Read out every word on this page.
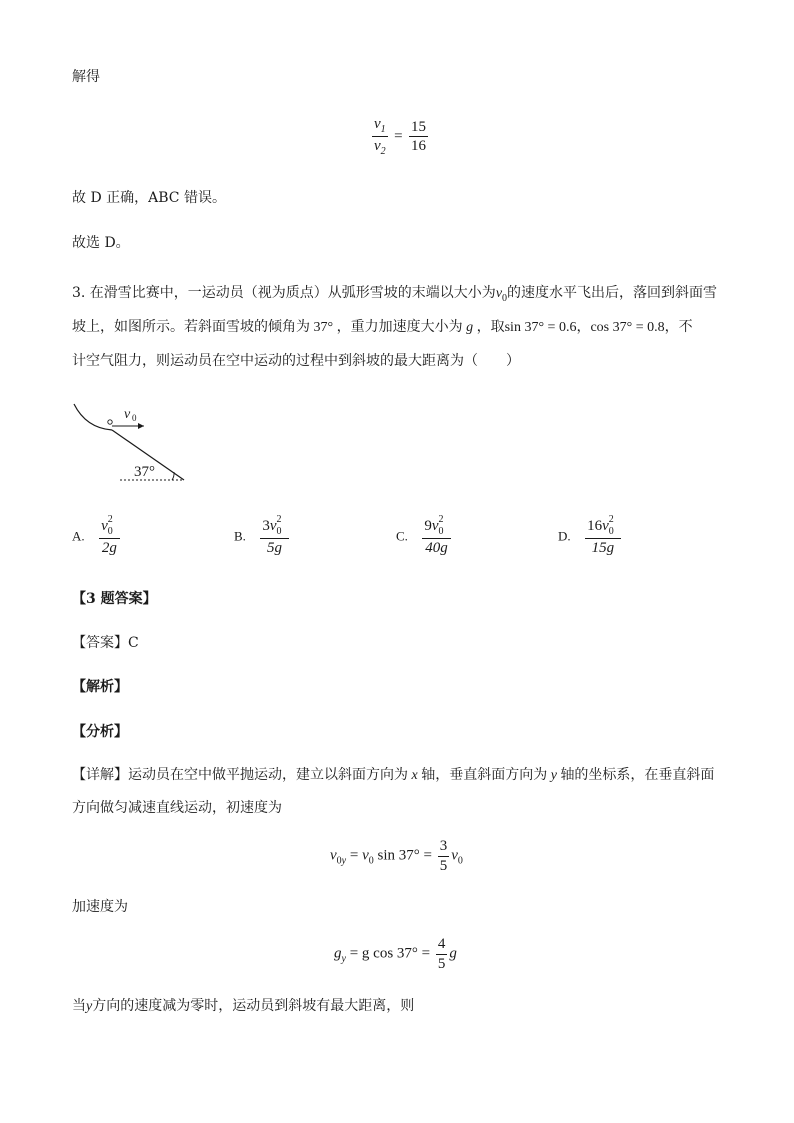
解得
$\frac{v_1}{v_2} = \frac{15}{16}$
故 D 正确，ABC 错误。
故选 D。
3. 在滑雪比赛中，一运动员（视为质点）从弧形雪坡的末端以大小为$v_0$的速度水平飞出后，落回到斜面雪
坡上，如图所示。若斜面雪坡的倾角为 37° ，重力加速度大小为 g ，取sin 37° = 0.6，cos 37° = 0.8，不
计空气阻力，则运动员在空中运动的过程中到斜坡的最大距离为（　　）
v 0
37°
A. $\frac{v_0^2}{2g}$	B. $\frac{3v_0^2}{5g}$	C. $\frac{9v_0^2}{40g}$	D. $\frac{16v_0^2}{15g}$
【3 题答案】
【答案】C
【解析】
【分析】
【详解】运动员在空中做平抛运动，建立以斜面方向为 x 轴，垂直斜面方向为 y 轴的坐标系，在垂直斜面
方向做匀减速直线运动，初速度为
$v_{0y} = v_0$ $\sin 37^\circ = \frac{3}{5} v_0$
加速度为
$g_y = g$ $\cos 37^\circ = \frac{4}{5}$ g
当y方向的速度减为零时，运动员到斜坡有最大距离，则
